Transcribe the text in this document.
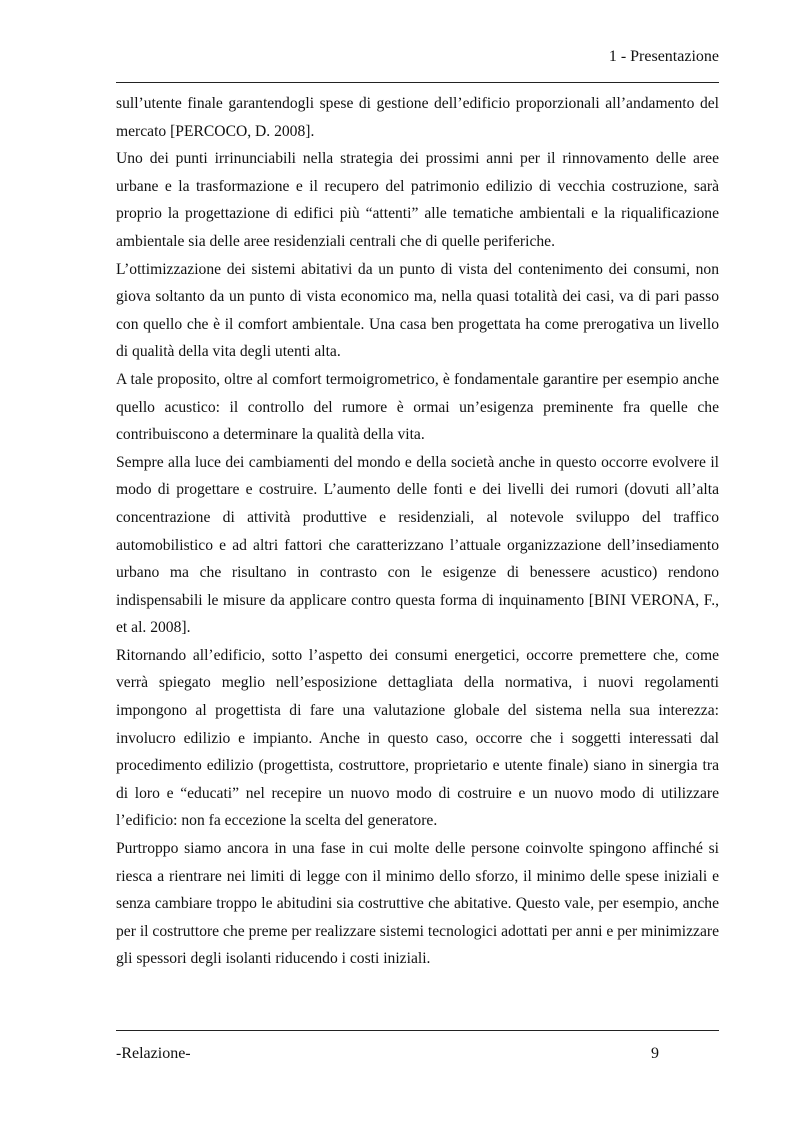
1 - Presentazione

sull’utente finale garantendogli spese di gestione dell’edificio proporzionali all’andamento del mercato [PERCOCO, D. 2008].

Uno dei punti irrinunciabili nella strategia dei prossimi anni per il rinnovamento delle aree urbane e la trasformazione e il recupero del patrimonio edilizio di vecchia costruzione, sarà proprio la progettazione di edifici più “attenti” alle tematiche ambientali e la riqualificazione ambientale sia delle aree residenziali centrali che di quelle periferiche.

L’ottimizzazione dei sistemi abitativi da un punto di vista del contenimento dei consumi, non giova soltanto da un punto di vista economico ma, nella quasi totalità dei casi, va di pari passo con quello che è il comfort ambientale. Una casa ben progettata ha come prerogativa un livello di qualità della vita degli utenti alta.

A tale proposito, oltre al comfort termoigrometrico, è fondamentale garantire per esempio anche quello acustico: il controllo del rumore è ormai un’esigenza preminente fra quelle che contribuiscono a determinare la qualità della vita.

Sempre alla luce dei cambiamenti del mondo e della società anche in questo occorre evolvere il modo di progettare e costruire. L’aumento delle fonti e dei livelli dei rumori (dovuti all’alta concentrazione di attività produttive e residenziali, al notevole sviluppo del traffico automobilistico e ad altri fattori che caratterizzano l’attuale organizzazione dell’insediamento urbano ma che risultano in contrasto con le esigenze di benessere acustico) rendono indispensabili le misure da applicare contro questa forma di inquinamento [BINI VERONA, F., et al. 2008].

Ritornando all’edificio, sotto l’aspetto dei consumi energetici, occorre premettere che, come verrà spiegato meglio nell’esposizione dettagliata della normativa, i nuovi regolamenti impongono al progettista di fare una valutazione globale del sistema nella sua interezza: involucro edilizio e impianto. Anche in questo caso, occorre che i soggetti interessati dal procedimento edilizio (progettista, costruttore, proprietario e utente finale) siano in sinergia tra di loro e “educati” nel recepire un nuovo modo di costruire e un nuovo modo di utilizzare l’edificio: non fa eccezione la scelta del generatore.

Purtroppo siamo ancora in una fase in cui molte delle persone coinvolte spingono affinché si riesca a rientrare nei limiti di legge con il minimo dello sforzo, il minimo delle spese iniziali e senza cambiare troppo le abitudini sia costruttive che abitative. Questo vale, per esempio, anche per il costruttore che preme per realizzare sistemi tecnologici adottati per anni e per minimizzare gli spessori degli isolanti riducendo i costi iniziali.

-Relazione-	9
